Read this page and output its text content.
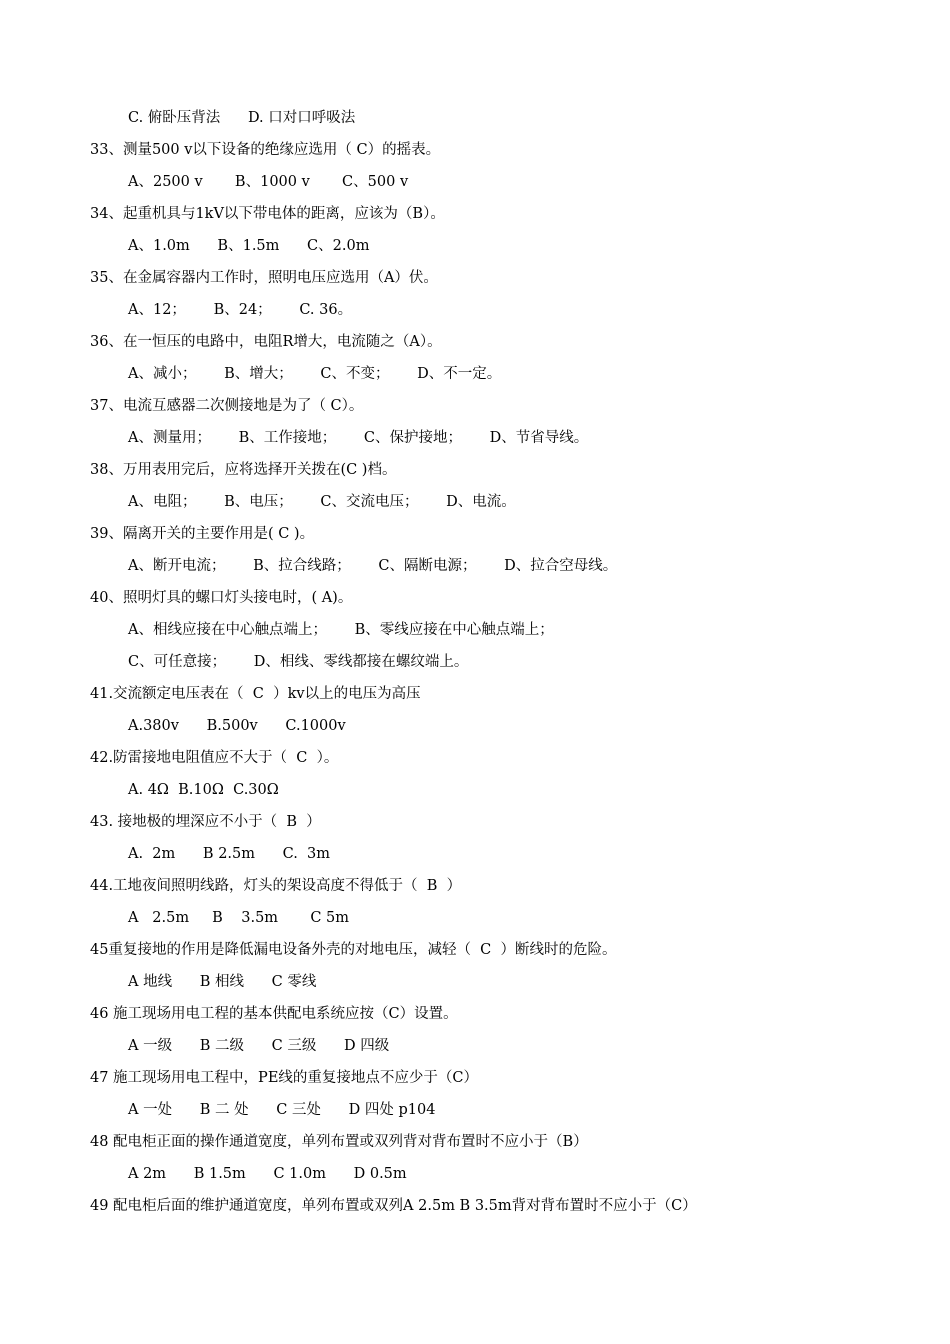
C. 俯卧压背法      D. 口对口呼吸法
33、测量500 v以下设备的绝缘应选用（ C）的摇表。
A、2500 v       B、1000 v       C、500 v
34、起重机具与1kV以下带电体的距离，应该为（B）。
A、1.0m      B、1.5m      C、2.0m
35、在金属容器内工作时，照明电压应选用（A）伏。
A、12；      B、24；      C. 36。
36、在一恒压的电路中，电阻R增大，电流随之（A）。
A、减小；      B、增大；      C、不变；      D、不一定。
37、电流互感器二次侧接地是为了（ C）。
A、测量用；      B、工作接地；      C、保护接地；      D、节省导线。
38、万用表用完后，应将选择开关拨在(C )档。
A、电阻；      B、电压；      C、交流电压；      D、电流。
39、隔离开关的主要作用是( C )。
A、断开电流；      B、拉合线路；      C、隔断电源；      D、拉合空母线。
40、照明灯具的螺口灯头接电时，( A)。
A、相线应接在中心触点端上；      B、零线应接在中心触点端上；
C、可任意接；      D、相线、零线都接在螺纹端上。
41.交流额定电压表在（  C  ）kv以上的电压为高压
A.380v      B.500v      C.1000v
42.防雷接地电阻值应不大于（  C  ）。
A. 4Ω  B.10Ω  C.30Ω
43. 接地极的埋深应不小于（  B  ）
A.  2m      B 2.5m      C.  3m
44.工地夜间照明线路，灯头的架设高度不得低于（  B  ）
A   2.5m     B    3.5m       C 5m
45重复接地的作用是降低漏电设备外壳的对地电压，减轻（  C  ）断线时的危险。
A 地线      B 相线      C 零线
46 施工现场用电工程的基本供配电系统应按（C）设置。
A 一级      B 二级      C 三级      D 四级
47 施工现场用电工程中，PE线的重复接地点不应少于（C）
A 一处      B 二 处      C 三处      D 四处 p104
48 配电柜正面的操作通道宽度，单列布置或双列背对背布置时不应小于（B）
A 2m      B 1.5m      C 1.0m      D 0.5m
49 配电柜后面的维护通道宽度，单列布置或双列A 2.5m B 3.5m背对背布置时不应小于（C）
